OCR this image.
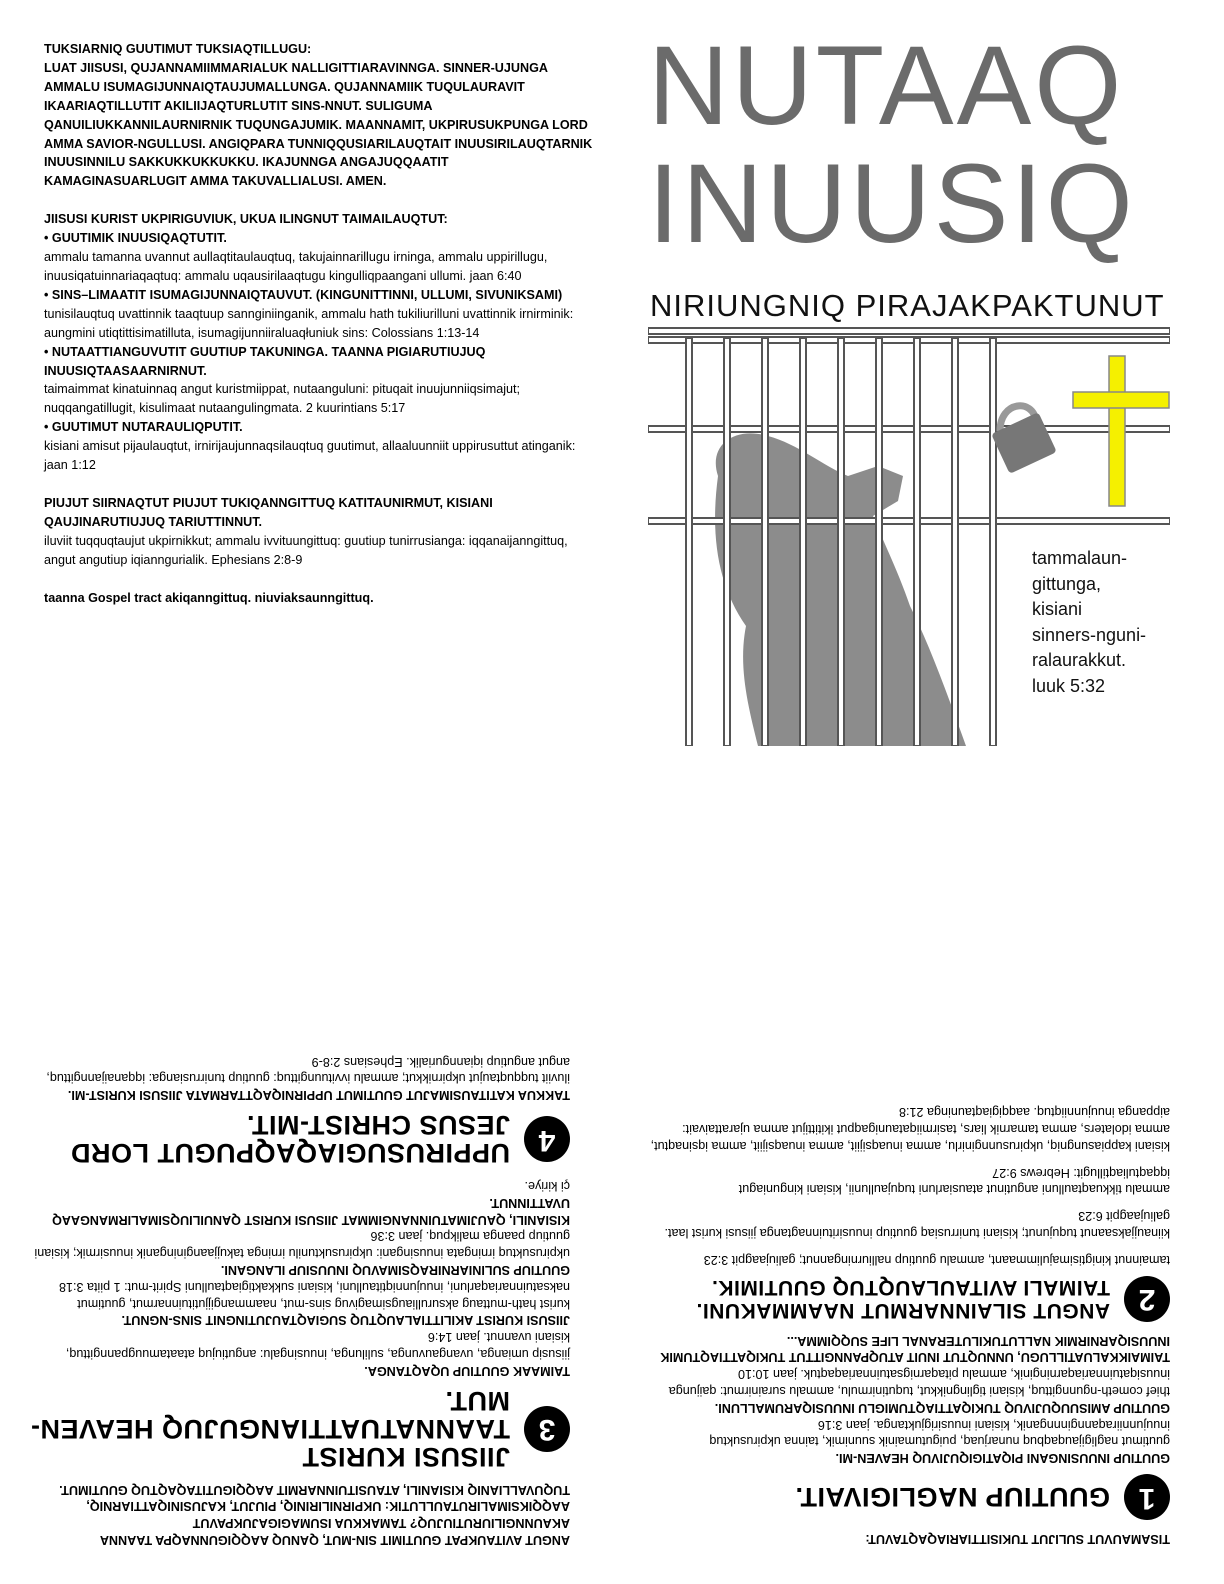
TUKSIARNIQ GUUTIMUT TUKSIAQTILLUGU:

LUAT JIISUSI, QUJANNAMIIMMARIALUK NALLIGITTIARAVINNGA. SINNER-UJUNGA AMMALU ISUMAGIJUNNAIQTAUJUMALLUNGA. QUJANNAMIIK TUQULAURAVIT IKAARIAQTILLUTIT AKILIIJAQTURLUTIT SINS-NNUT. SULIGUMA QANUILIUKKANNILAURNIRNIK TUQUNGAJUMIK. MAANNAMIT, UKPIRUSUKPUNGA LORD AMMA SAVIOR-NGULLUSI. ANGIQPARA TUNNIQQUSIARILAUQTAIT INUUSIRILAUQTARNIK INUUSINNILU SAKKUKKUKKUKKU. IKAJUNNGA ANGAJUQQAATIT KAMAGINASUARLUGIT AMMA TAKUVALLIALUSI. AMEN.

JIISUSI KURIST UKPIRIGUVIUK, UKUA ILINGNUT TAIMAILAUQTUT:

• GUUTIMIK INUUSIQAQTUTIT.

ammalu tamanna uvannut aullaqtitaulauqtuq, takujainnarillugu irninga, ammalu uppirillugu, inuusiqatuinnariaqaqtuq: ammalu uqausirilaaqtugu kingulliqpaangani ullumi. jaan 6:40

• SINS–LIMAATIT ISUMAGIJUNNAIQTAUVUT. (KINGUNITTINNI, ULLUMI, SIVUNIKSAMI)

tunisilauqtuq uvattinnik taaqtuup sannginiinganik, ammalu hath tukiliurilluni uvattinnik irnirminik: aungmini utiqtittisimatilluta, isumagijunniiraluaqłuniuk sins: Colossians 1:13-14

• NUTAATTIANGUVUTIT GUUTIUP TAKUNINGA. TAANNA PIGIARUTIUJUQ INUUSIQTAASAARNIRNUT.

taimaimmat kinatuinnaq angut kuristmiippat, nutaanguluni: pituqait inuujunniiqsimajut; nuqqangatillugit, kisulimaat nutaangulingmata. 2 kuurintians 5:17

• GUUTIMUT NUTARAULIQPUTIT.

kisiani amisut pijaulauqtut, irnirijaujunnaqsilauqtuq guutimut, allaaluunniit uppirusuttut atinganik: jaan 1:12

PIUJUT SIIRNAQTUT PIUJUT TUKIQANNGITTUQ KATITAUNIRMUT, KISIANI QAUJINARUTIUJUQ TARIUTTINNUT.

iluviit tuqquqtaujut ukpirnikkut; ammalu ivvituungittuq: guutiup tunirrusianga: iqqanaijanngittuq, angut angutiup iqianngurialik. Ephesians 2:8-9

taanna Gospel tract akiqanngittuq. niuviaksaunngittuq.

NUTAAQ
INUUSIQ
NIRIUNGNIQ PIRAJAKPAKTUNUT
tammalaun-
gittunga,
kisiani
sinners-nguni-
ralaurakkut.
luuk 5:32

ANGUT AVITAUKPAT GUUTIMIT SIN-MUT, QANUQ AAQQIGUNNAQPA TAANNA AKAUNNGILIURUTIUJUQ? TAMAKKUA ISUMAGIGAJUKPAVUT AAQQIKSIMALIRUTAULLUTIK: UKPIRNILIRINIQ, PIUJUT, KAJUSINIQATTIARNIQ, TUQUVALLIANIQ KISIANILI, ATAUSITUINNARMIT AAQQIGUTITAQAQTUQ GUUTIMUT.

3
JIISUSI KURIST TAANNATUATTIANGUJUQ HEAVEN-MUT.

TAIMAAK GUUTIUP UQAQTANGA.

jiisusip umianga, uvangauvunga, sulilunga, inuusingalu: angutiujuq ataatamuugpanngittuq, kisiani uvannut. jaan 14:6

JIISUSI KURIST AKILITTIALAUQTUQ SUGIAQTAUJUTINGNIT SINS-NGNUT.

kurist hath-muttaug aksurulliaugsimagivug sins-mut, naammangijjutituinnarmut, guutimut naksatuinnariaqarluni, inuujunniqtitaulluni, kisiani sukkaktigiaqtaulluni Spirit-mut: 1 piita 3:18

GUUTIUP SULINIARNIRAQSIMAVUQ INUUSIUP ILANGANI.

ukpirusuktuq irningata inuusingani: ukpirusuktunilu irninga takujjaangininganik inuusirmik; kisiani guutiup paanga malikpuq. jaan 3:36

KISIANILI, QAUJIMATUINNANGIMMAT JIISUSI KURIST QANUILIUQSIMALIRMANGAAQ UVATTINNUT.

çi kiriye.

4
UPPIRUSUGIAQAQPUGUT LORD JESUS CHRIST-MIT.

TAKKUA KATITAUSIMAJUT GUUTIMUT UPPIRNIQAQTTARMATA JIISUSI KURIST-MI.

iluviit tuqquqtaujut ukpirnikkut; ammalu ivvituungittuq: guutiup tunirrusianga: iqqanaijanngittuq, angut angutiup iqianngurialik. Ephesians 2:8-9

TISAMAUVUT SULIJUT TUKISITTIARIAQAQTAVUT:

1
GUUTIUP NAGLIGIVAIT.

GUUTIUP INUUSINGANI PIQATIGIQUJIVUQ HEAVEN-MI.

guutimut nagligijauqaqbuq nunarjuaq, puigutumainik suunimik, tainna ukpirusuktuq inuujunniiraqannginnnganik, kisiani inuusirigjuktanga. jaan 3:16

GUUTIUP AMISUUQUJIVUQ TUKIQATTIAQTUMIGLU INUUSIQARUMALLUNI.

thief cometh-ngunngittuq, kisiani tiglingnikkut, tuqutinirmulu, ammalu surainirmut: qaijunga inuusiqatuinnariaqarninginik, ammalu pitaqarnigsatuinnariaqaqtuk. jaan 10:10

TAIMAIKKALUATILLUGU, UNNUQTUT INUIT ATUQPANNGITTUT TUKIQATTIAQTUMIK INUUSIQARNIRMIK NALLUTUKILUTERANAL LIFE SUQQIMMA...

2
ANGUT SILAINNARMUT NAAMMAKUNI. TAIMALI AVITAULAUQTUQ GUUTIMIK.

tamainnut kinigtisimajulimmaant, ammalu guutiup nalliurningannut; galiujaagpit 3:23

kiinaujjaksaanut tuqujunut; kisiani tunirrusiaq guutiup inuusirituinnagtanga jiisusi kurist laat. galiujaagpit 6:23

ammalu tikkuaqtaulluni angutinut atausiarluni tuqujaullunii, kisiani kinguniagut iqqaqtuliaqtillugit: Hebrews 9:27

kisiani kappiasungniq, ukpirusunnginirlu, amma inuaqsijiit, amma inuaqsijiit, amma iqsinaqtut, amma idolaters, amma tamarnik liars, tasirmiiqataunigaqput ikitittijut amma ujarattaivait: aippanga inuujunniiqtuq. aaqqigiaqtauninga 21:8
